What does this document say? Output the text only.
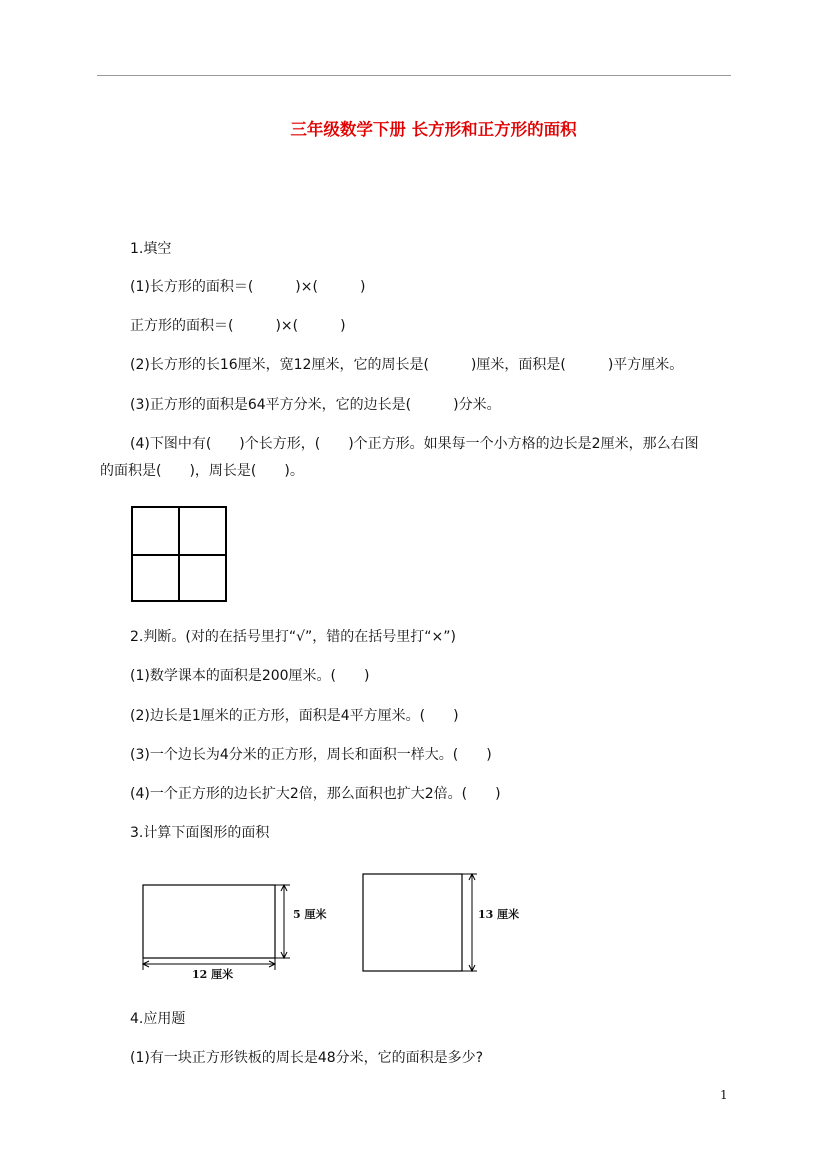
三年级数学下册 长方形和正方形的面积
1.填空
(1)长方形的面积＝(　　　)×(　　　)
正方形的面积＝(　　　)×(　　　)
(2)长方形的长16厘米，宽12厘米，它的周长是(　　　)厘米，面积是(　　　)平方厘米。
(3)正方形的面积是64平方分米，它的边长是(　　　)分米。
(4)下图中有(　　)个长方形，(　　)个正方形。如果每一个小方格的边长是2厘米，那么右图
的面积是(　　)，周长是(　　)。
2.判断。(对的在括号里打“√”，错的在括号里打“×”)
(1)数学课本的面积是200厘米。(　　)
(2)边长是1厘米的正方形，面积是4平方厘米。(　　)
(3)一个边长为4分米的正方形，周长和面积一样大。(　　)
(4)一个正方形的边长扩大2倍，那么面积也扩大2倍。(　　)
3.计算下面图形的面积
5 厘米
12 厘米
13 厘米
4.应用题
(1)有一块正方形铁板的周长是48分米，它的面积是多少?
1
